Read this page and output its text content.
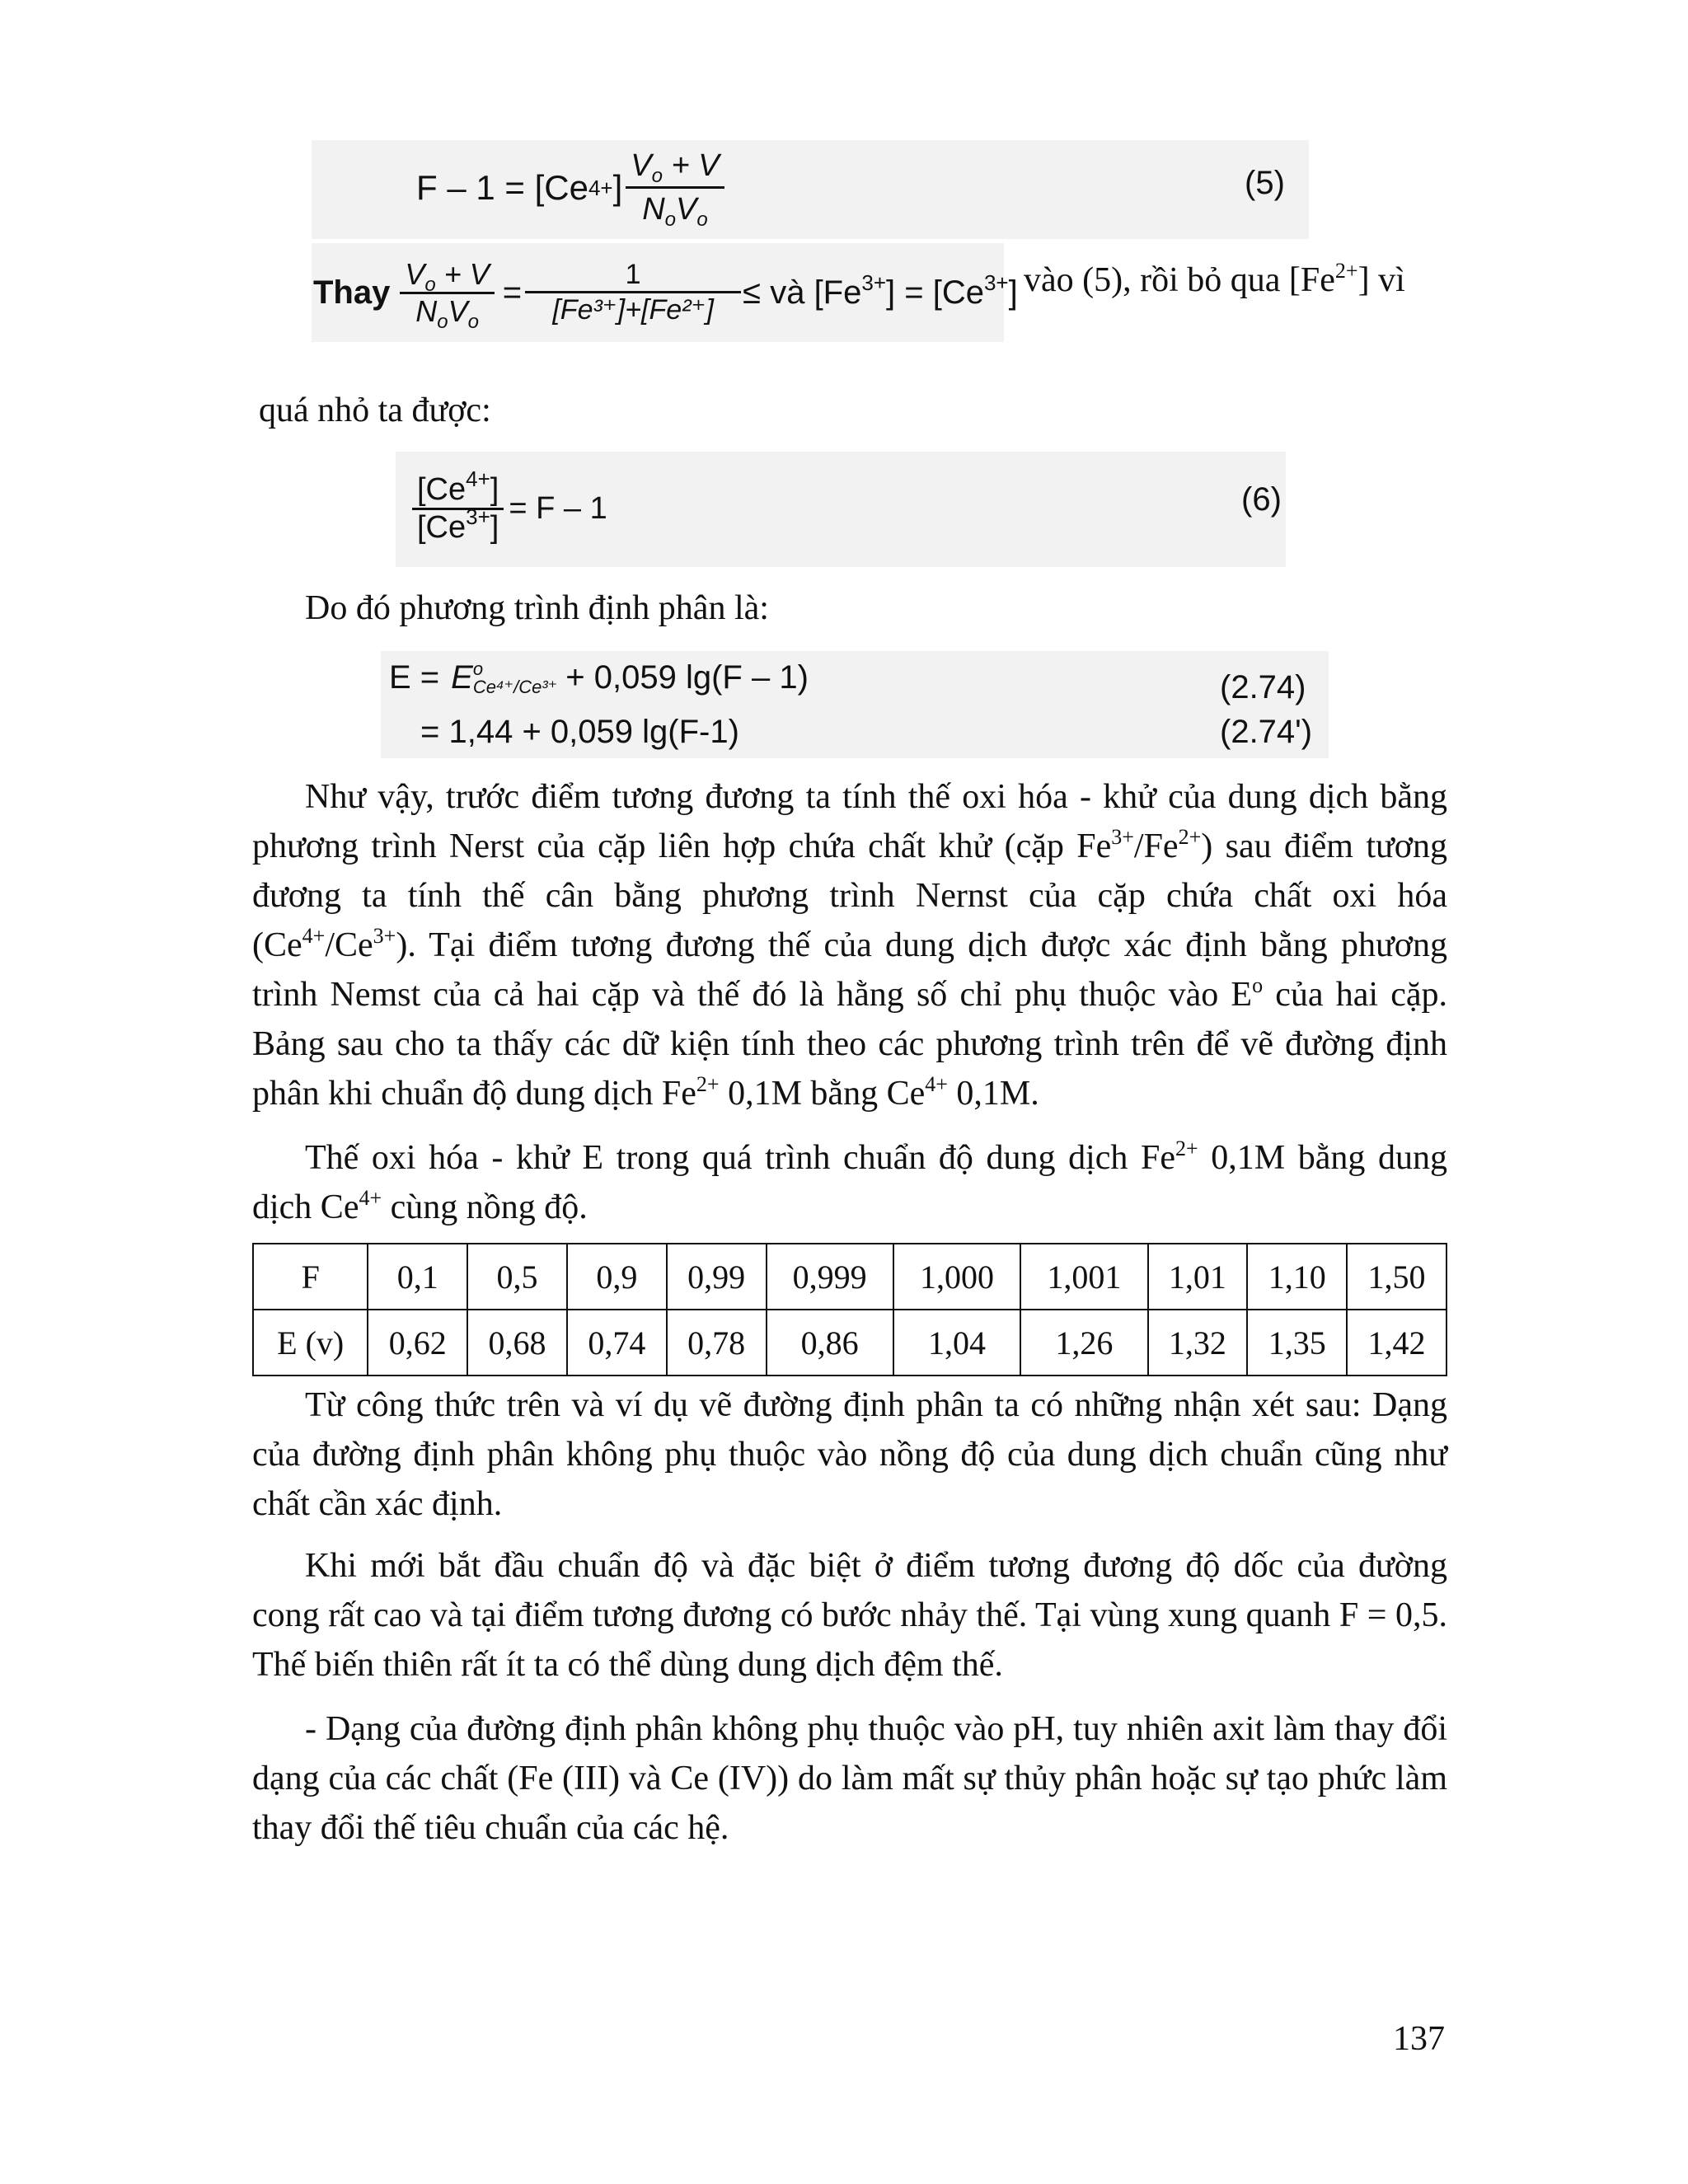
F – 1 = [Ce 4+ ] $\frac{V_o + V}{N_oV_o}$	(5)
Thay $\frac{V_o + V}{N_oV_o} = \frac{1}{\text{[Fe³⁺]+[Fe²⁺]}}$ ≤ và $[Fe^{3+}] = [Ce^{3+}]$ vào (5), rồi bỏ qua $[Fe^{2+}]$ vì
quá nhỏ ta được:
$\frac{[Ce^{4+}]}{[Ce^{3+}]} = F - 1$	(6)
Do đó phương trình định phân là:
E = E o
Ce⁴⁺/Ce³⁺ + 0,059 lg(F – 1)	(2.74)
= 1,44 + 0,059 lg(F-1)	(2.74')
Như vậy, trước điểm tương đương ta tính thế oxi hóa - khử của dung dịch bằng phương trình Nerst của cặp liên hợp chứa chất khử (cặp $Fe^{3+}/Fe^{2+}$) sau điểm tương đương ta tính thế cân bằng phương trình Nernst của cặp chứa chất oxi hóa $(Ce^{4+}/Ce^{3+})$. Tại điểm tương đương thế của dung dịch được xác định bằng phương trình Nemst của cả hai cặp và thế đó là hằng số chỉ phụ thuộc vào $E^o$ của hai cặp. Bảng sau cho ta thấy các dữ kiện tính theo các phương trình trên để vẽ đường định phân khi chuẩn độ dung dịch $Fe^{2+}$ 0,1M bằng $Ce^{4+}$ 0,1M.
Thế oxi hóa - khử E trong quá trình chuẩn độ dung dịch $Fe^{2+}$ 0,1M bằng dung dịch $Ce^{4+}$ cùng nồng độ.
F	0,1	0,5	0,9	0,99	0,999	1,000	1,001	1,01	1,10	1,50
E (v)	0,62	0,68	0,74	0,78	0,86	1,04	1,26	1,32	1,35	1,42
Từ công thức trên và ví dụ vẽ đường định phân ta có những nhận xét sau: Dạng của đường định phân không phụ thuộc vào nồng độ của dung dịch chuẩn cũng như chất cần xác định.
Khi mới bắt đầu chuẩn độ và đặc biệt ở điểm tương đương độ dốc của đường cong rất cao và tại điểm tương đương có bước nhảy thế. Tại vùng xung quanh F = 0,5. Thế biến thiên rất ít ta có thể dùng dung dịch đệm thế.
- Dạng của đường định phân không phụ thuộc vào pH, tuy nhiên axit làm thay đổi dạng của các chất (Fe (III) và Ce (IV)) do làm mất sự thủy phân hoặc sự tạo phức làm thay đổi thế tiêu chuẩn của các hệ.
137
